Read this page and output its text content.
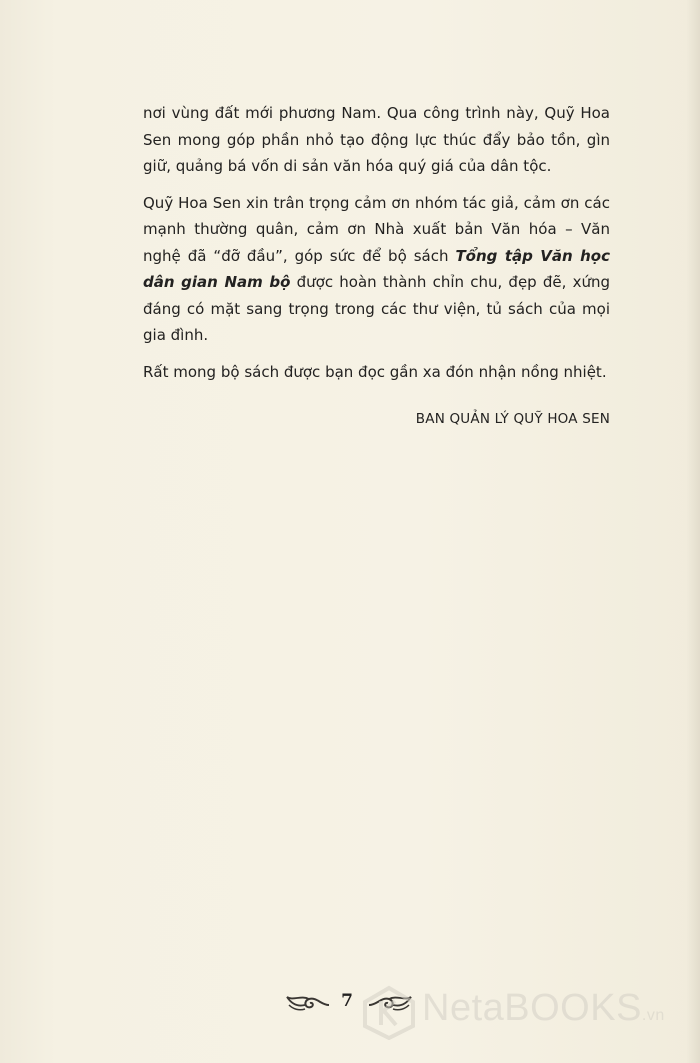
nơi vùng đất mới phương Nam. Qua công trình này, Quỹ Hoa Sen mong góp phần nhỏ tạo động lực thúc đẩy bảo tồn, gìn giữ, quảng bá vốn di sản văn hóa quý giá của dân tộc.

Quỹ Hoa Sen xin trân trọng cảm ơn nhóm tác giả, cảm ơn các mạnh thường quân, cảm ơn Nhà xuất bản Văn hóa – Văn nghệ đã “đỡ đầu”, góp sức để bộ sách Tổng tập Văn học dân gian Nam bộ được hoàn thành chỉn chu, đẹp đẽ, xứng đáng có mặt sang trọng trong các thư viện, tủ sách của mọi gia đình.

Rất mong bộ sách được bạn đọc gần xa đón nhận nồng nhiệt.

BAN QUẢN LÝ QUỸ HOA SEN
7 NetaBOOKS.vn
